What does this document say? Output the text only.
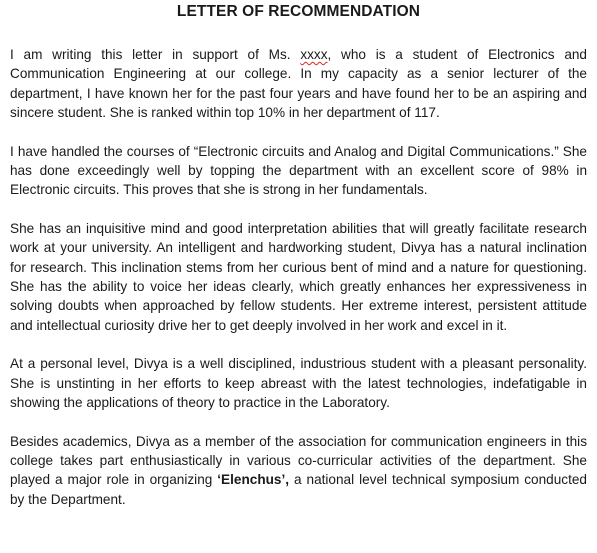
LETTER OF RECOMMENDATION

I am writing this letter in support of Ms. xxxx, who is a student of Electronics and Communication Engineering at our college. In my capacity as a senior lecturer of the department, I have known her for the past four years and have found her to be an aspiring and sincere student. She is ranked within top 10% in her department of 117.

I have handled the courses of “Electronic circuits and Analog and Digital Communications.” She has done exceedingly well by topping the department with an excellent score of 98% in Electronic circuits. This proves that she is strong in her fundamentals.

She has an inquisitive mind and good interpretation abilities that will greatly facilitate research work at your university. An intelligent and hardworking student, Divya has a natural inclination for research. This inclination stems from her curious bent of mind and a nature for questioning. She has the ability to voice her ideas clearly, which greatly enhances her expressiveness in solving doubts when approached by fellow students. Her extreme interest, persistent attitude and intellectual curiosity drive her to get deeply involved in her work and excel in it.

At a personal level, Divya is a well disciplined, industrious student with a pleasant personality. She is unstinting in her efforts to keep abreast with the latest technologies, indefatigable in showing the applications of theory to practice in the Laboratory.

Besides academics, Divya as a member of the association for communication engineers in this college takes part enthusiastically in various co-curricular activities of the department. She played a major role in organizing ‘Elenchus’, a national level technical symposium conducted by the Department.
